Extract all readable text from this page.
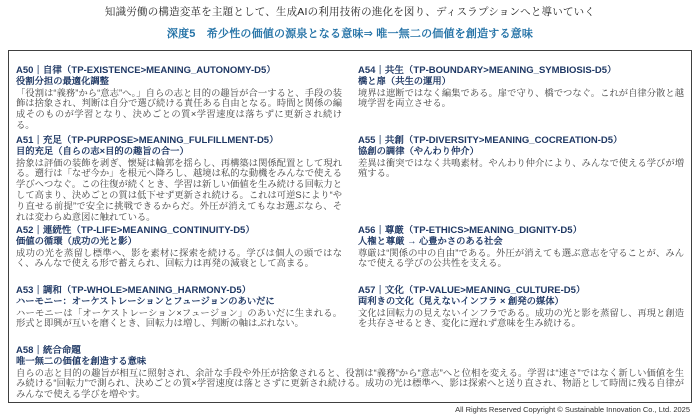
知識労働の構造変革を主題として、生成AIの利用技術の進化を図り、ディスラプションへと導いていく
深度5　希少性の価値の源泉となる意味⇒ 唯一無二の価値を創造する意味
A50｜自律（TP-EXISTENCE>MEANING_AUTONOMY-D5）
役割分担の最適化調整
「役割は“義務”から“意志”へ。」自らの志と目的の趣旨が合一すると、手段の装飾は捨象され、判断は自分で選び続ける責任ある自由となる。時間と関係の編成そのものが学習となり、決めごとの質×学習速度は落ちずに更新され続ける。
A54｜共生（TP-BOUNDARY>MEANING_SYMBIOSIS-D5）
橋と扉（共生の運用）
境界は遮断ではなく編集である。扉で守り、橋でつなぐ。これが自律分散と越境学習を両立させる。
A51｜充足（TP-PURPOSE>MEANING_FULFILLMENT-D5）
目的充足（自らの志×目的の趣旨の合一）
捨象は評価の装飾を剥ぎ、懐疑は輪郭を揺らし、再構築は関係配置として現れる。遡行は「なぜ今か」を根元へ降ろし、越境は私的な動機をみんなで使える学びへつなぐ。この往復が続くとき、学習は新しい価値を生み続ける回転力として高まり、決めごとの質は低下せず更新され続ける。これは可逆Sにより“やり直せる前提”で安全に挑戦できるからだ。外圧が消えてもなお選ぶなら、それは変わらぬ意図に触れている。
A55｜共創（TP-DIVERSITY>MEANING_COCREATION-D5）
協創の調律（やんわり仲介）
差異は衝突ではなく共鳴素材。やんわり仲介により、みんなで使える学びが増殖する。
A52｜連続性（TP-LIFE>MEANING_CONTINUITY-D5）
価値の循環（成功の光と影）
成功の光を蒸留し標準へ、影を素材に探索を続ける。学びは個人の頭ではなく、みんなで使える形で蓄えられ、回転力は再発の減衰として高まる。
A56｜尊厳（TP-ETHICS>MEANING_DIGNITY-D5）
人権と尊厳 → 心豊かさのある社会
尊厳は“関係の中の自由”である。外圧が消えても選ぶ意志を守ることが、みんなで使える学びの公共性を支える。
A53｜調和（TP-WHOLE>MEANING_HARMONY-D5）
ハーモニー：オーケストレーションとフュージョンのあいだに
ハーモニーは「オーケストレーション×フュージョン」のあいだに生まれる。形式と即興が互いを磨くとき、回転力は増し、判断の軸はぶれない。
A57｜文化（TP-VALUE>MEANING_CULTURE-D5）
両利きの文化（見えないインフラ × 創発の媒体）
文化は回転力の見えないインフラである。成功の光と影を蒸留し、再現と創造を共存させるとき、変化に遅れず意味を生み続ける。
A58｜統合命題
唯一無二の価値を創造する意味
自らの志と目的の趣旨が相互に照射され、余計な手段や外圧が捨象されると、役割は“義務”から“意志”へと位相を変える。学習は“速さ”ではなく新しい価値を生み続ける“回転力”で測られ、決めごとの質×学習速度は落とさずに更新され続ける。成功の光は標準へ、影は探索へと送り直され、物語として時間に残る自律がみんなで使える学びを増やす。
All Rights Reserved Copyright © Sustainable Innovation Co., Ltd. 2025
